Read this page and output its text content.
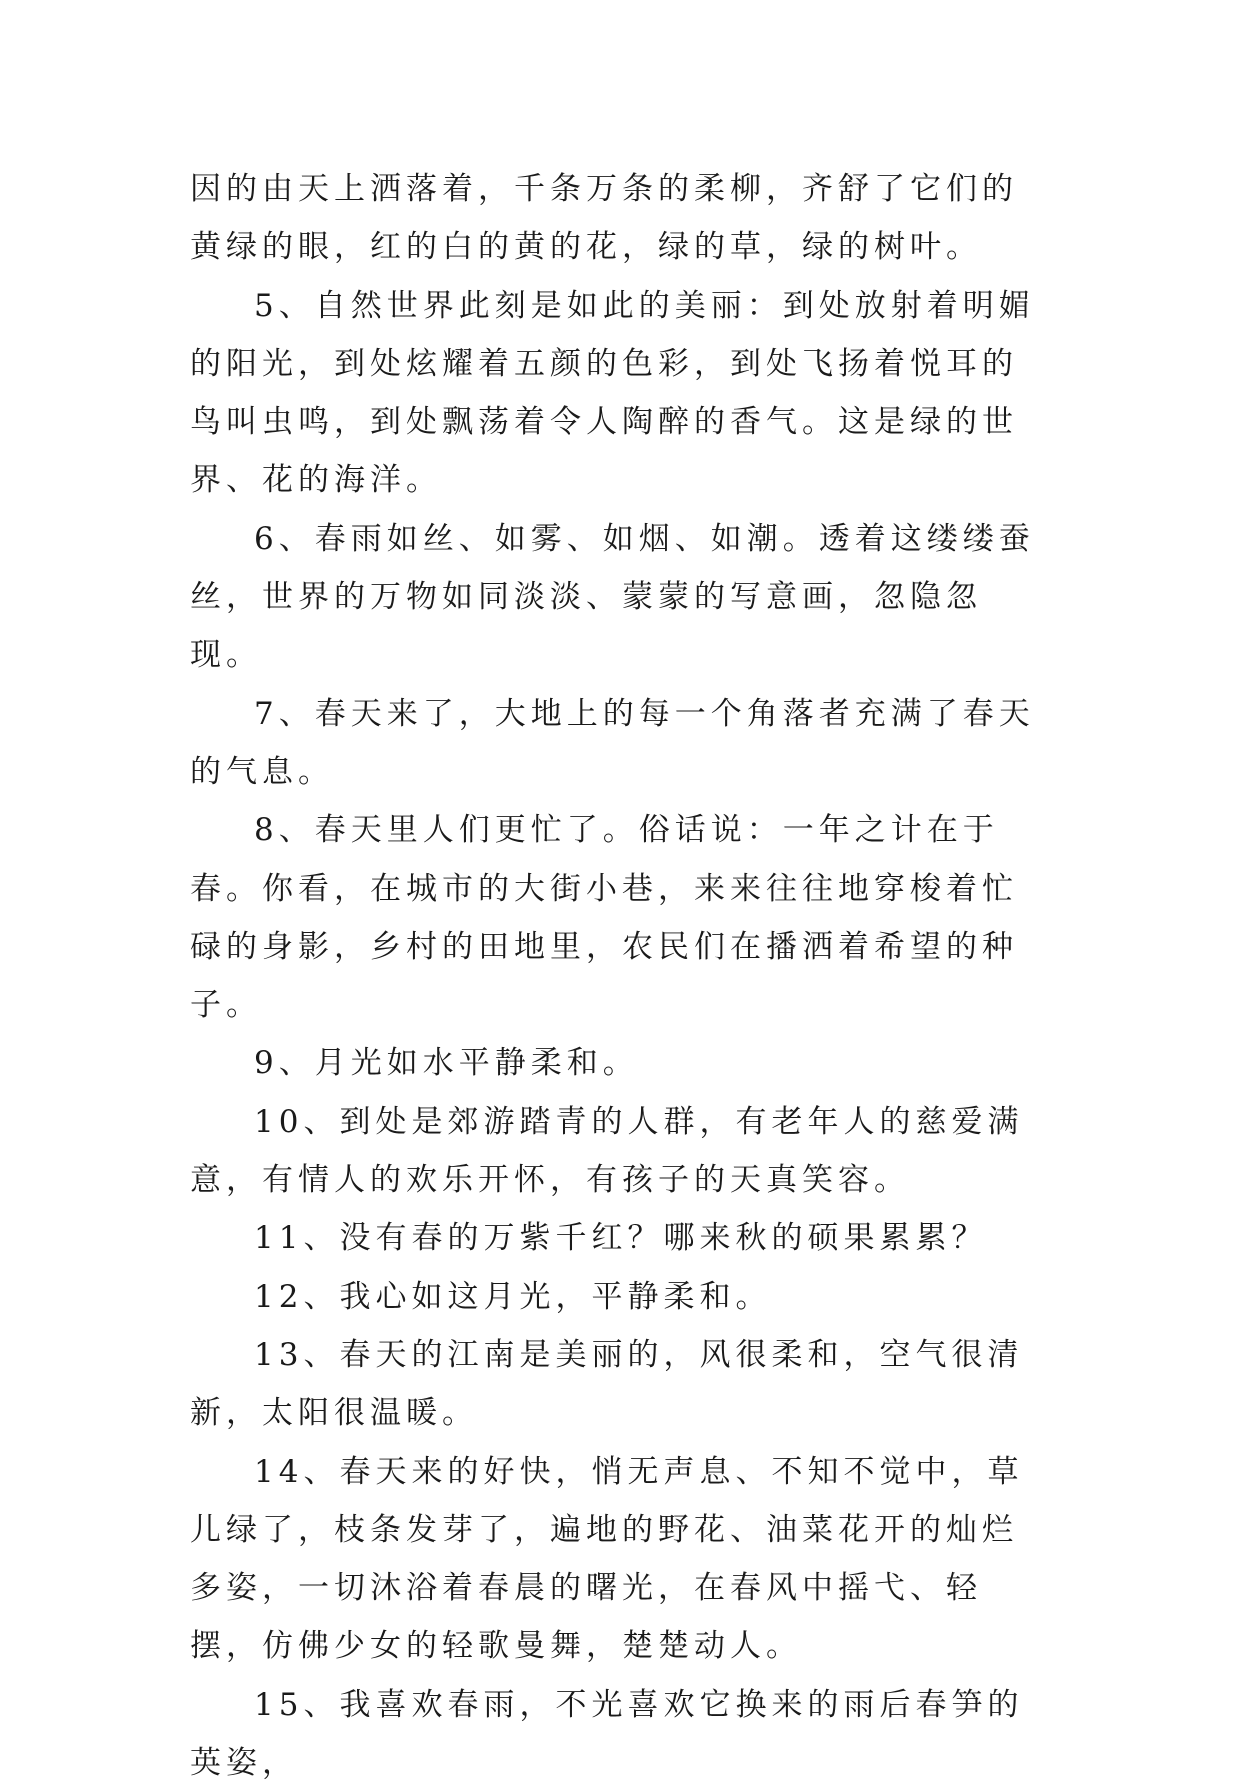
因的由天上洒落着，千条万条的柔柳，齐舒了它们的黄绿的眼，红的白的黄的花，绿的草，绿的树叶。

5、自然世界此刻是如此的美丽：到处放射着明媚的阳光，到处炫耀着五颜的色彩，到处飞扬着悦耳的鸟叫虫鸣，到处飘荡着令人陶醉的香气。这是绿的世界、花的海洋。

6、春雨如丝、如雾、如烟、如潮。透着这缕缕蚕丝，世界的万物如同淡淡、蒙蒙的写意画，忽隐忽现。

7、春天来了，大地上的每一个角落者充满了春天的气息。

8、春天里人们更忙了。俗话说：一年之计在于春。你看，在城市的大街小巷，来来往往地穿梭着忙碌的身影，乡村的田地里，农民们在播洒着希望的种子。

9、月光如水平静柔和。

10、到处是郊游踏青的人群，有老年人的慈爱满意，有情人的欢乐开怀，有孩子的天真笑容。

11、没有春的万紫千红？哪来秋的硕果累累？

12、我心如这月光，平静柔和。

13、春天的江南是美丽的，风很柔和，空气很清新，太阳很温暖。

14、春天来的好快，悄无声息、不知不觉中，草儿绿了，枝条发芽了，遍地的野花、油菜花开的灿烂多姿，一切沐浴着春晨的曙光，在春风中摇弋、轻摆，仿佛少女的轻歌曼舞，楚楚动人。

15、我喜欢春雨，不光喜欢它换来的雨后春笋的英姿，
